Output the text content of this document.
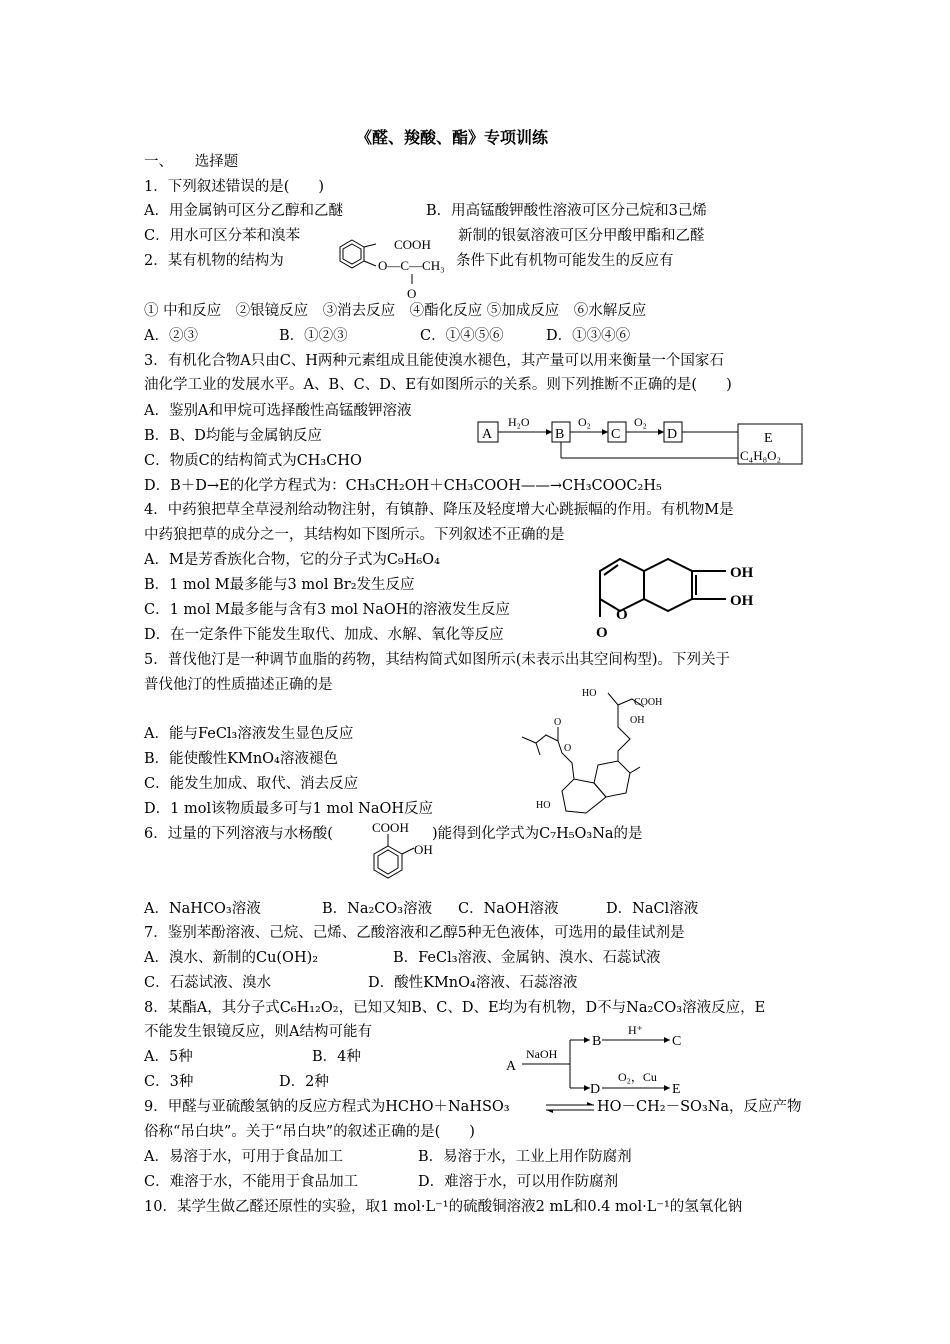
《醛、羧酸、酯》专项训练
一、　　选择题
1．下列叙述错误的是(　　)
A．用金属钠可区分乙醇和乙醚	B．用高锰酸钾酸性溶液可区分己烷和3己烯
C．用水可区分苯和溴苯	新制的银氨溶液可区分甲酸甲酯和乙醛
2．某有机物的结构为
COOH
O—C—CH₃
O
条件下此有机物可能发生的反应有
① 中和反应　②银镜反应　③消去反应　④酯化反应 ⑤加成反应　⑥水解反应
A．②③	B．①②③	C．①④⑤⑥	D．①③④⑥
3．有机化合物A只由C、H两种元素组成且能使溴水褪色，其产量可以用来衡量一个国家石
油化学工业的发展水平。A、B、C、D、E有如图所示的关系。则下列推断不正确的是(　　)
A．鉴别A和甲烷可选择酸性高锰酸钾溶液
B．B、D均能与金属钠反应
C．物质C的结构简式为CH₃CHO
D．B＋D→E的化学方程式为：CH₃CH₂OH＋CH₃COOH——→CH₃COOC₂H₅
A	B	C	D	E
C₄H₈O₂
H₂O	O₂	O₂
4．中药狼把草全草浸剂给动物注射，有镇静、降压及轻度增大心跳振幅的作用。有机物M是
中药狼把草的成分之一，其结构如下图所示。下列叙述不正确的是
A．M是芳香族化合物，它的分子式为C₉H₆O₄
B．1 mol M最多能与3 mol Br₂发生反应
C．1 mol M最多能与含有3 mol NaOH的溶液发生反应
D．在一定条件下能发生取代、加成、水解、氧化等反应
OH
OH
O
O
5．普伐他汀是一种调节血脂的药物，其结构简式如图所示(未表示出其空间构型)。下列关于
普伐他汀的性质描述正确的是
A．能与FeCl₃溶液发生显色反应
B．能使酸性KMnO₄溶液褪色
C．能发生加成、取代、消去反应
D．1 mol该物质最多可与1 mol NaOH反应
HO
COOH
OH
HO
O
O
6．过量的下列溶液与水杨酸(	COOH
OH
)能得到化学式为C₇H₅O₃Na的是
A．NaHCO₃溶液	B．Na₂CO₃溶液 C．NaOH溶液	D．NaCl溶液
7．鉴别苯酚溶液、己烷、己烯、乙酸溶液和乙醇5种无色液体，可选用的最佳试剂是
A．溴水、新制的Cu(OH)₂	B．FeCl₃溶液、金属钠、溴水、石蕊试液
C．石蕊试液、溴水	D．酸性KMnO₄溶液、石蕊溶液
8．某酯A，其分子式C₆H₁₂O₂，已知又知B、C、D、E均为有机物，D不与Na₂CO₃溶液反应，E
不能发生银镜反应，则A结构可能有
A．5种	B．4种
C．3种	D．2种
A
B	C
D	E
NaOH
H⁺
O₂，Cu
9．甲醛与亚硫酸氢钠的反应方程式为HCHO＋NaHSO₃	HO－CH₂－SO₃Na，反应产物
俗称“吊白块”。关于“吊白块”的叙述正确的是(　　)
A．易溶于水，可用于食品加工	B．易溶于水，工业上用作防腐剂
C．难溶于水，不能用于食品加工	D．难溶于水，可以用作防腐剂
10．某学生做乙醛还原性的实验，取1 mol·L⁻¹的硫酸铜溶液2 mL和0.4 mol·L⁻¹的氢氧化钠
